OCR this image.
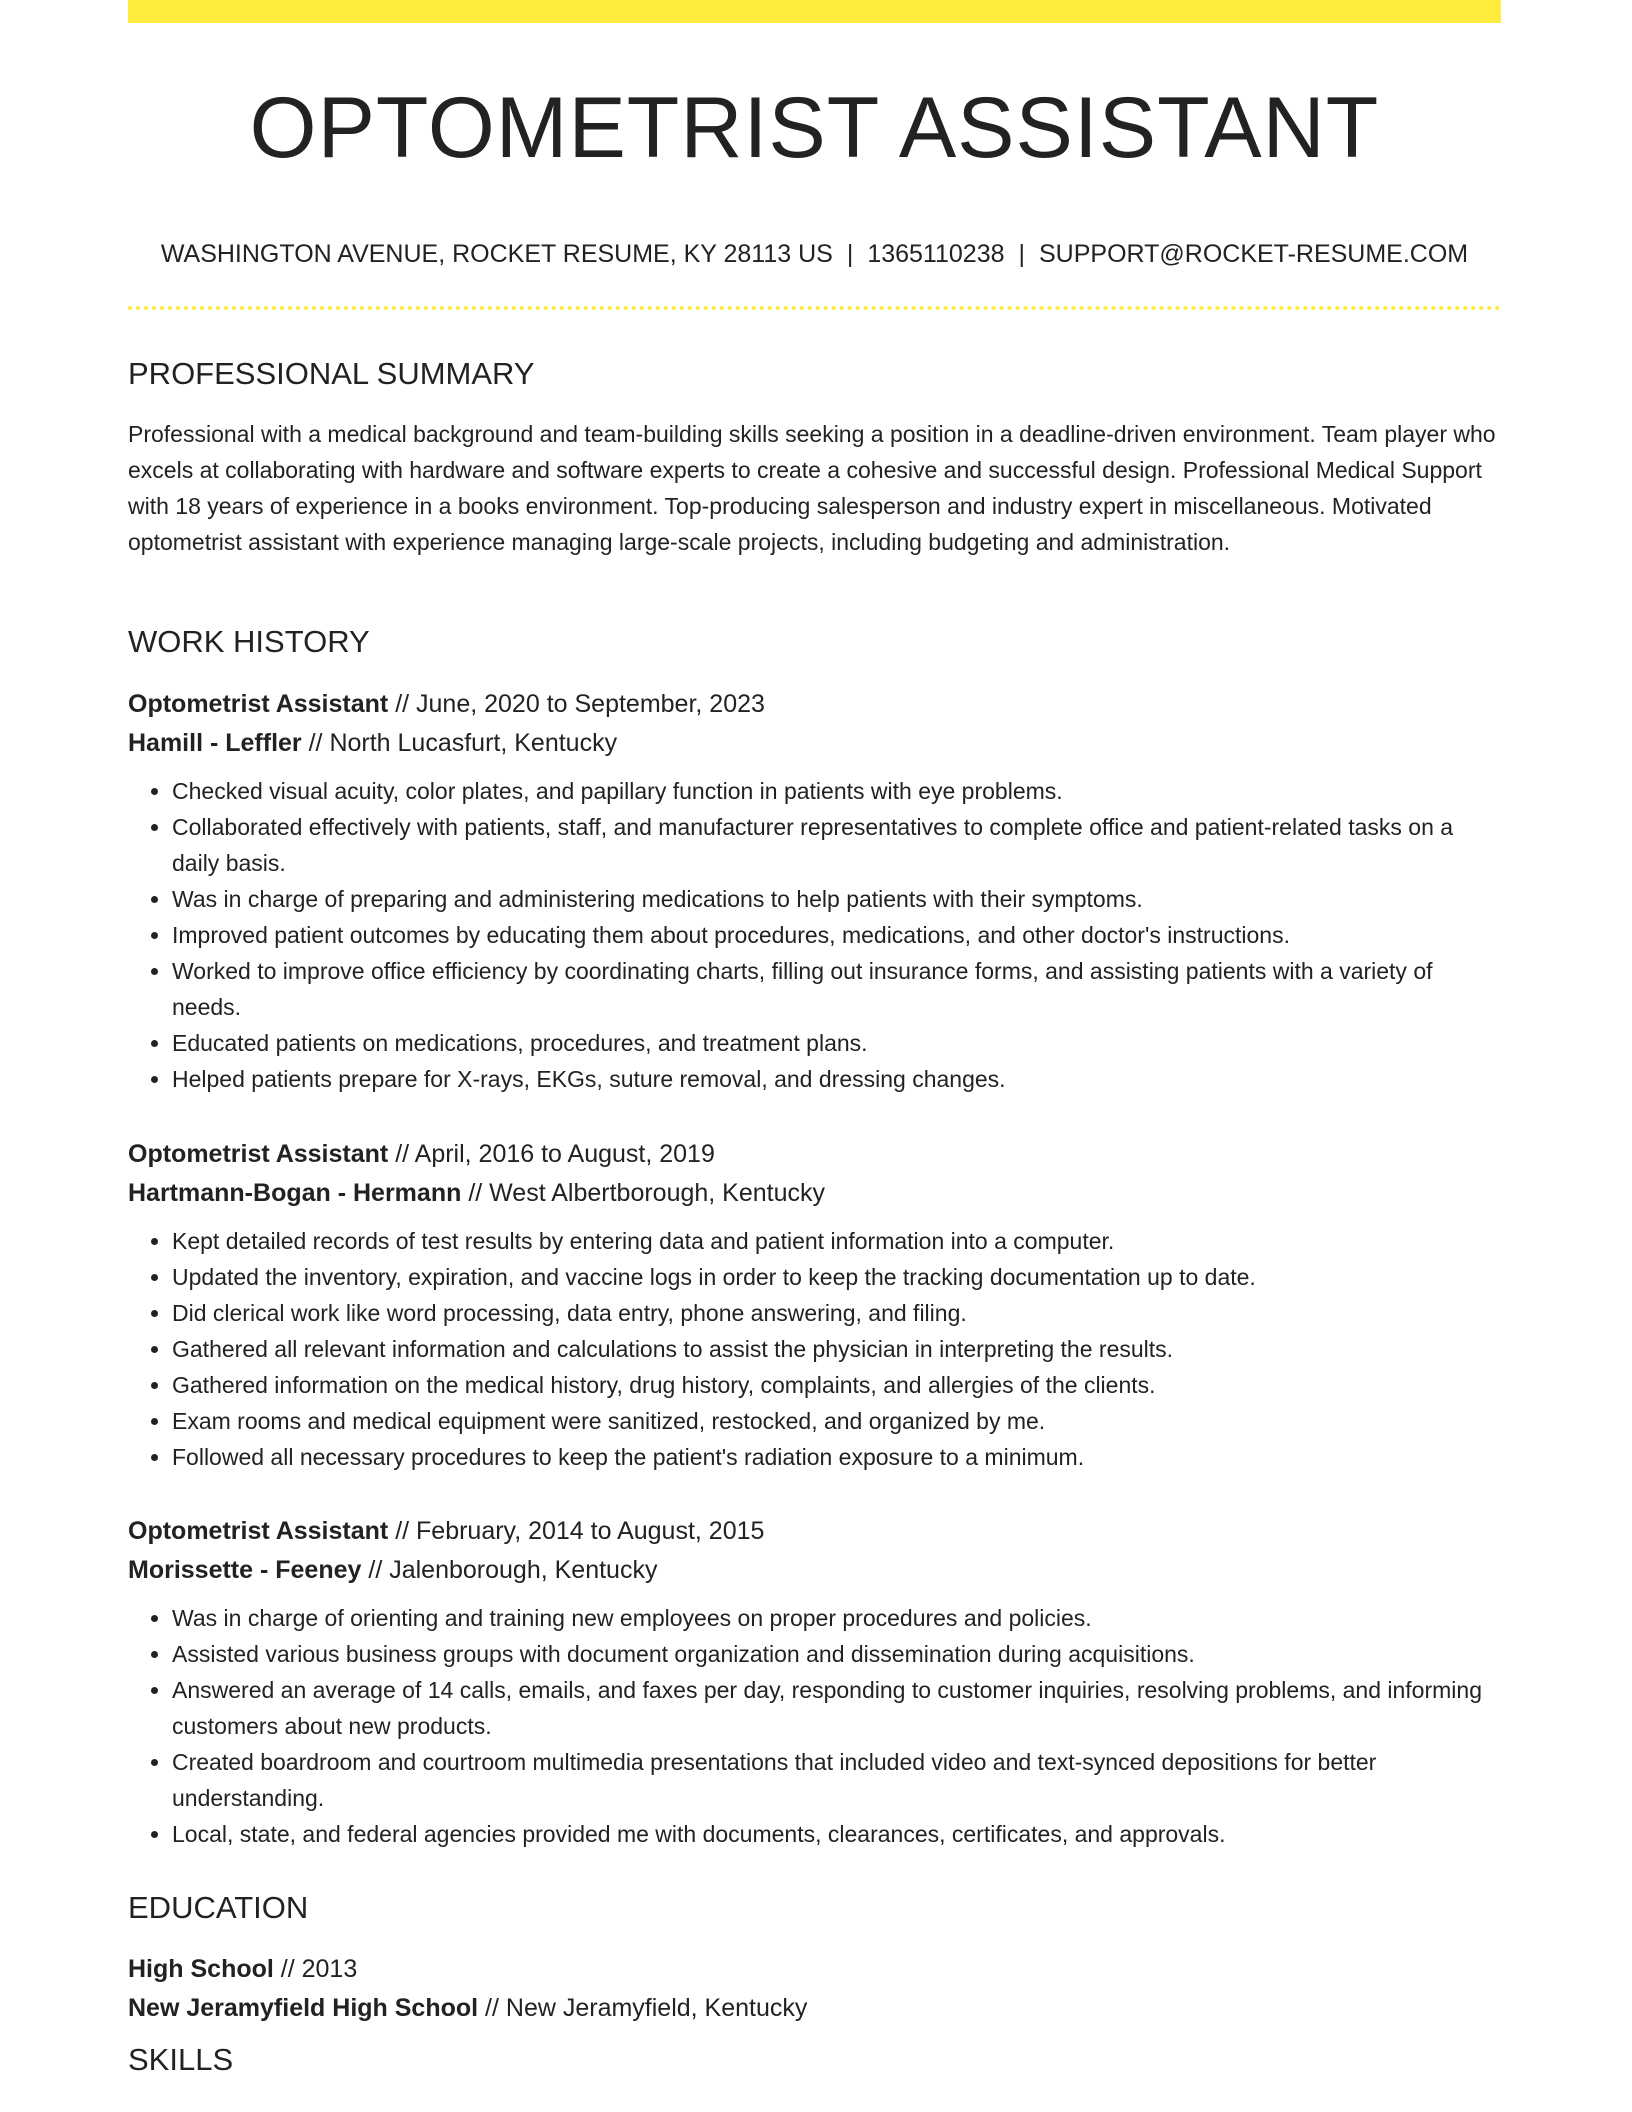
OPTOMETRIST ASSISTANT
WASHINGTON AVENUE, ROCKET RESUME, KY 28113 US | 1365110238 | SUPPORT@ROCKET-RESUME.COM
PROFESSIONAL SUMMARY

Professional with a medical background and team-building skills seeking a position in a deadline-driven environment. Team player who excels at collaborating with hardware and software experts to create a cohesive and successful design. Professional Medical Support with 18 years of experience in a books environment. Top-producing salesperson and industry expert in miscellaneous. Motivated optometrist assistant with experience managing large-scale projects, including budgeting and administration.

WORK HISTORY
Optometrist Assistant // June, 2020 to September, 2023
Hamill - Leffler // North Lucasfurt, Kentucky
• Checked visual acuity, color plates, and papillary function in patients with eye problems.
• Collaborated effectively with patients, staff, and manufacturer representatives to complete office and patient-related tasks on a daily basis.
• Was in charge of preparing and administering medications to help patients with their symptoms.
• Improved patient outcomes by educating them about procedures, medications, and other doctor's instructions.
• Worked to improve office efficiency by coordinating charts, filling out insurance forms, and assisting patients with a variety of needs.
• Educated patients on medications, procedures, and treatment plans.
• Helped patients prepare for X-rays, EKGs, suture removal, and dressing changes.
Optometrist Assistant // April, 2016 to August, 2019
Hartmann-Bogan - Hermann // West Albertborough, Kentucky
• Kept detailed records of test results by entering data and patient information into a computer.
• Updated the inventory, expiration, and vaccine logs in order to keep the tracking documentation up to date.
• Did clerical work like word processing, data entry, phone answering, and filing.
• Gathered all relevant information and calculations to assist the physician in interpreting the results.
• Gathered information on the medical history, drug history, complaints, and allergies of the clients.
• Exam rooms and medical equipment were sanitized, restocked, and organized by me.
• Followed all necessary procedures to keep the patient's radiation exposure to a minimum.
Optometrist Assistant // February, 2014 to August, 2015
Morissette - Feeney // Jalenborough, Kentucky
• Was in charge of orienting and training new employees on proper procedures and policies.
• Assisted various business groups with document organization and dissemination during acquisitions.
• Answered an average of 14 calls, emails, and faxes per day, responding to customer inquiries, resolving problems, and informing customers about new products.
• Created boardroom and courtroom multimedia presentations that included video and text-synced depositions for better understanding.
• Local, state, and federal agencies provided me with documents, clearances, certificates, and approvals.
EDUCATION
High School // 2013
New Jeramyfield High School // New Jeramyfield, Kentucky
SKILLS
